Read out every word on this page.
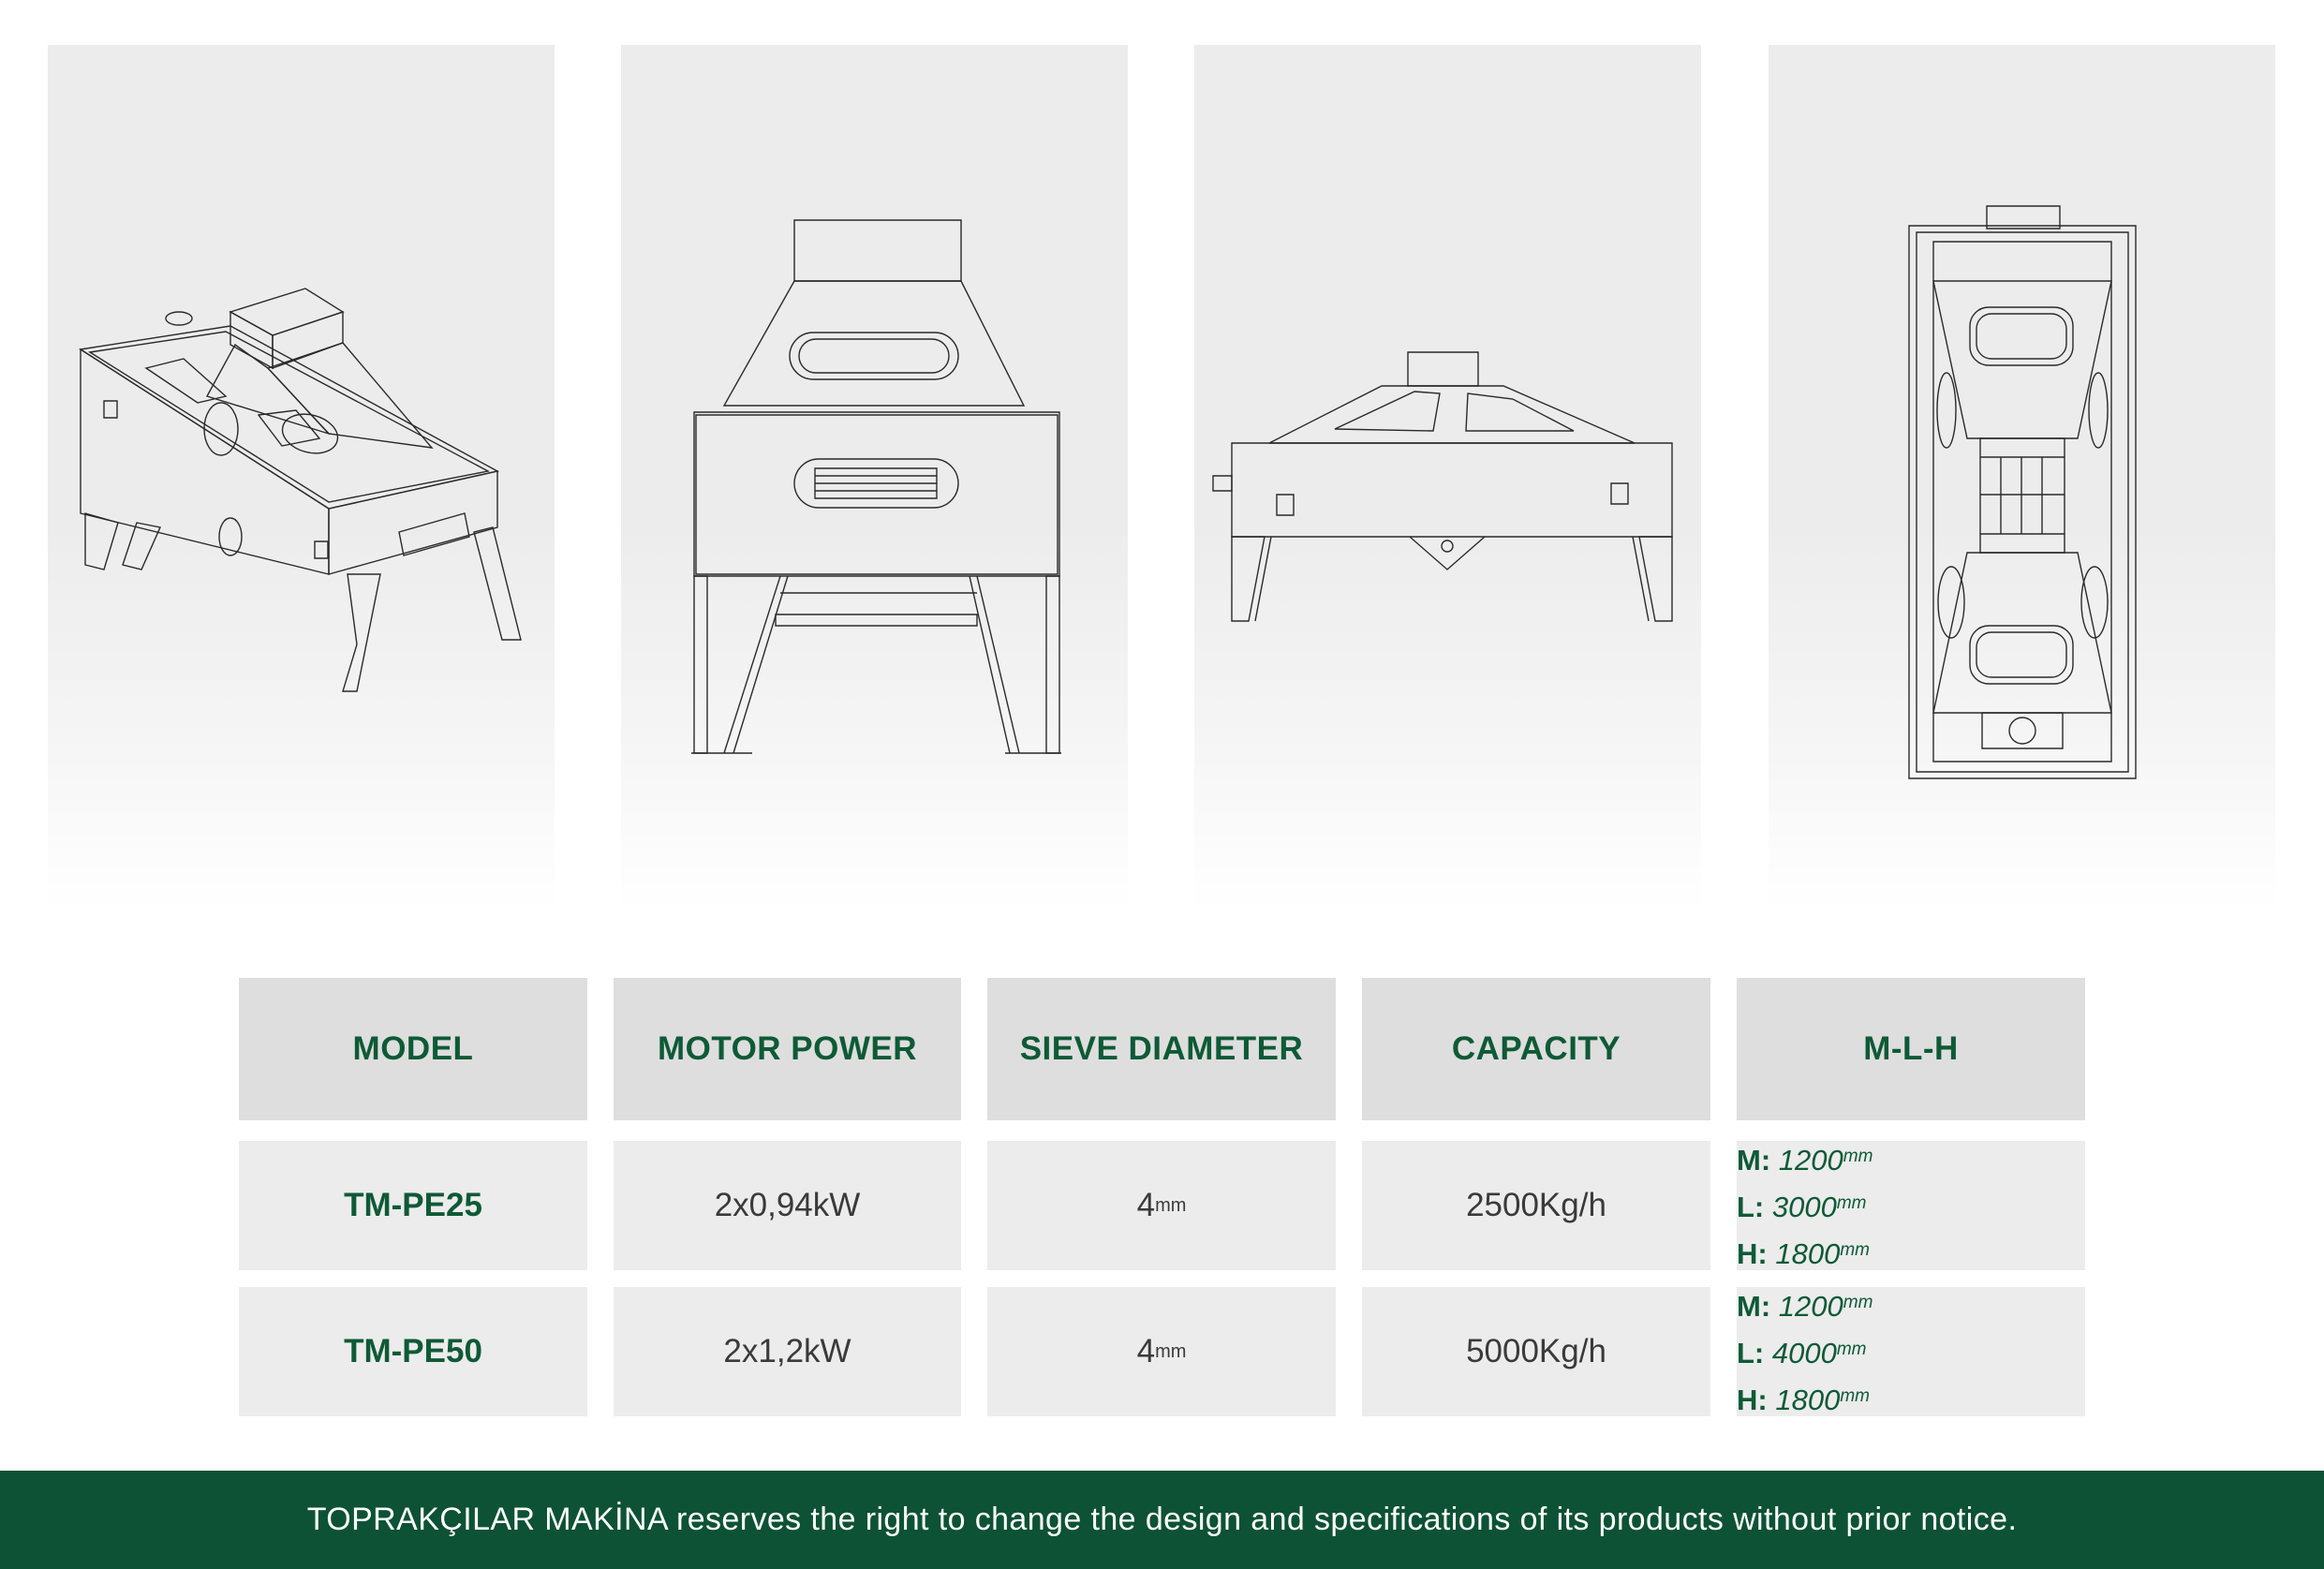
MODEL	MOTOR POWER	SIEVE DIAMETER	CAPACITY	M-L-H
TM-PE25	2x0,94kW	4 mm	2500Kg/h
M: $1200^{mm}$
L: $3000^{mm}$
H: $1800^{mm}$
TM-PE50	2x1,2kW	4 mm	5000Kg/h
M: $1200^{mm}$
L: $4000^{mm}$
H: $1800^{mm}$
TOPRAKÇILAR MAKİNA reserves the right to change the design and specifications of its products without prior notice.
